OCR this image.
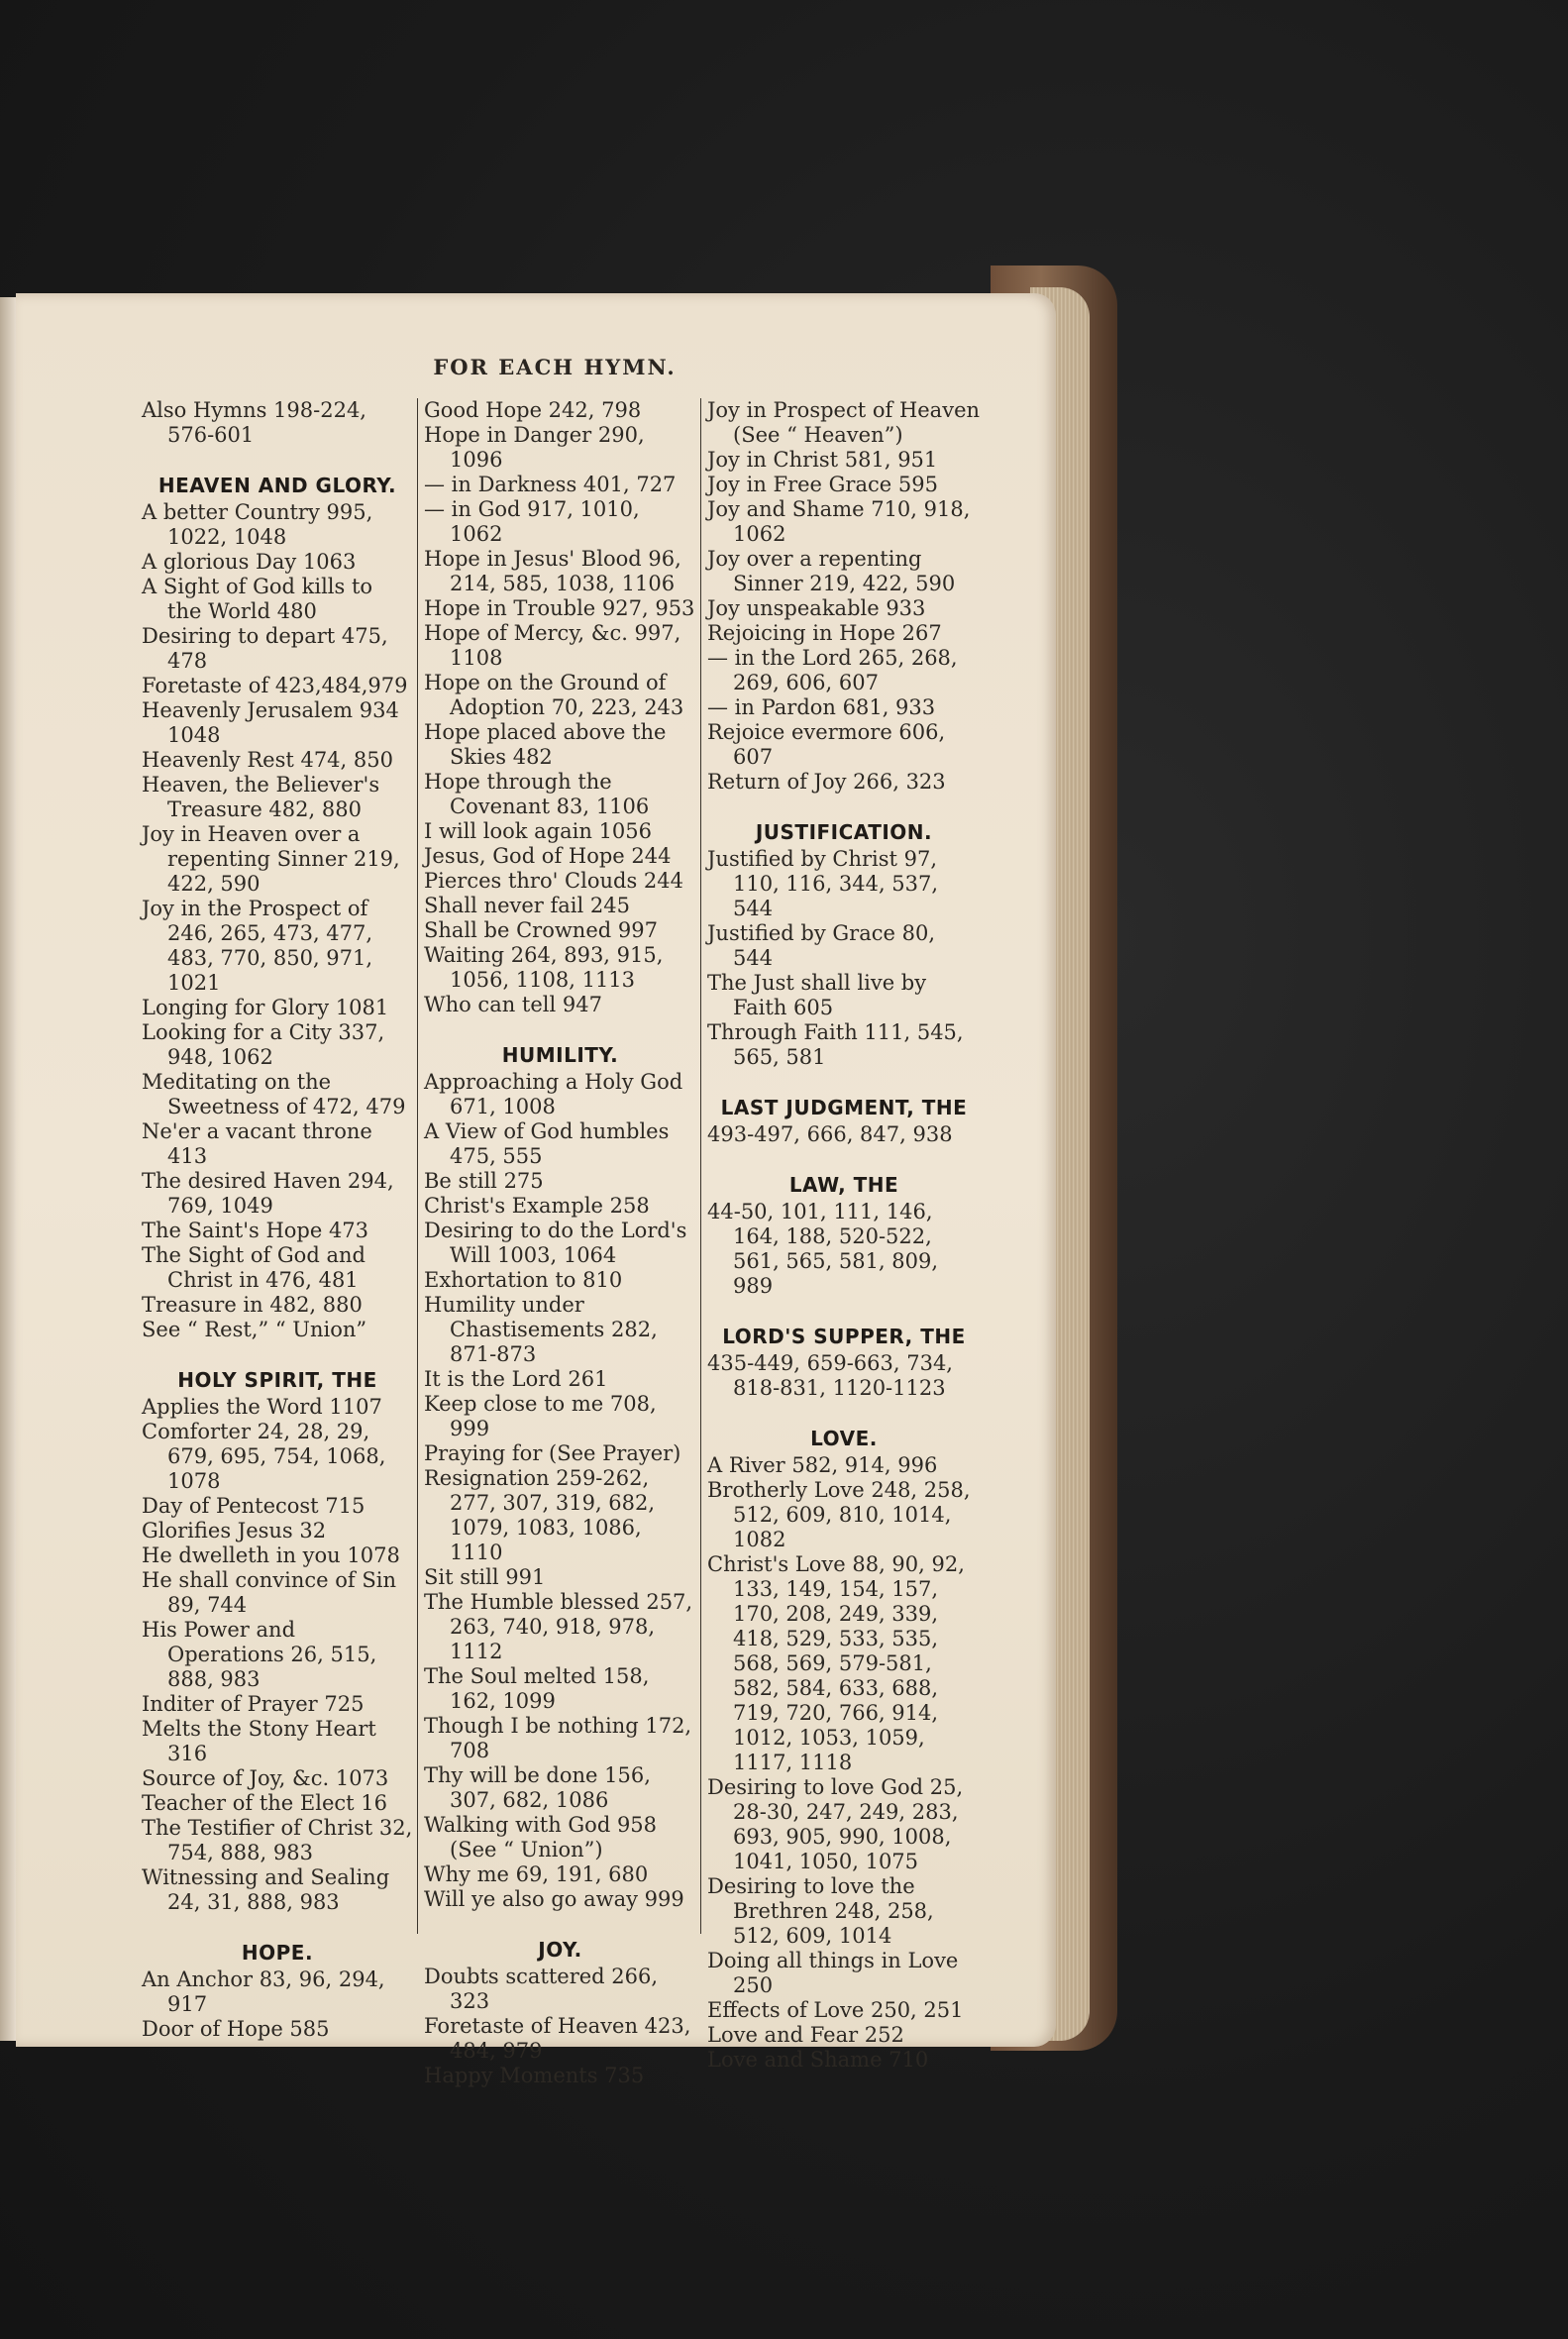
FOR EACH HYMN.
Also Hymns 198-224, 576-601
HEAVEN AND GLORY.
A better Country 995, 1022, 1048
A glorious Day 1063
A Sight of God kills to the World 480
Desiring to depart 475, 478
Foretaste of 423,484,979
Heavenly Jerusalem 934 1048
Heavenly Rest 474, 850
Heaven, the Believer's Treasure 482, 880
Joy in Heaven over a repenting Sinner 219, 422, 590
Joy in the Prospect of 246, 265, 473, 477, 483, 770, 850, 971, 1021
Longing for Glory 1081
Looking for a City 337, 948, 1062
Meditating on the Sweetness of 472, 479
Ne'er a vacant throne 413
The desired Haven 294, 769, 1049
The Saint's Hope 473
The Sight of God and Christ in 476, 481
Treasure in 482, 880
See “ Rest,” “ Union”
HOLY SPIRIT, THE
Applies the Word 1107
Comforter 24, 28, 29, 679, 695, 754, 1068, 1078
Day of Pentecost 715
Glorifies Jesus 32
He dwelleth in you 1078
He shall convince of Sin 89, 744
His Power and Operations 26, 515, 888, 983
Inditer of Prayer 725
Melts the Stony Heart 316
Source of Joy, &c. 1073
Teacher of the Elect 16
The Testifier of Christ 32, 754, 888, 983
Witnessing and Sealing 24, 31, 888, 983
HOPE.
An Anchor 83, 96, 294, 917
Door of Hope 585
Good Hope 242, 798
Hope in Danger 290, 1096
— in Darkness 401, 727
— in God 917, 1010, 1062
Hope in Jesus' Blood 96, 214, 585, 1038, 1106
Hope in Trouble 927, 953
Hope of Mercy, &c. 997, 1108
Hope on the Ground of Adoption 70, 223, 243
Hope placed above the Skies 482
Hope through the Covenant 83, 1106
I will look again 1056
Jesus, God of Hope 244
Pierces thro' Clouds 244
Shall never fail 245
Shall be Crowned 997
Waiting 264, 893, 915, 1056, 1108, 1113
Who can tell 947
HUMILITY.
Approaching a Holy God 671, 1008
A View of God humbles 475, 555
Be still 275
Christ's Example 258
Desiring to do the Lord's Will 1003, 1064
Exhortation to 810
Humility under Chastisements 282, 871-873
It is the Lord 261
Keep close to me 708, 999
Praying for (See Prayer)
Resignation 259-262, 277, 307, 319, 682, 1079, 1083, 1086, 1110
Sit still 991
The Humble blessed 257, 263, 740, 918, 978, 1112
The Soul melted 158, 162, 1099
Though I be nothing 172, 708
Thy will be done 156, 307, 682, 1086
Walking with God 958 (See “ Union”)
Why me 69, 191, 680
Will ye also go away 999
JOY.
Doubts scattered 266, 323
Foretaste of Heaven 423, 484, 979
Happy Moments 735
Joy in Prospect of Heaven (See “ Heaven”)
Joy in Christ 581, 951
Joy in Free Grace 595
Joy and Shame 710, 918, 1062
Joy over a repenting Sinner 219, 422, 590
Joy unspeakable 933
Rejoicing in Hope 267
— in the Lord 265, 268, 269, 606, 607
— in Pardon 681, 933
Rejoice evermore 606, 607
Return of Joy 266, 323
JUSTIFICATION.
Justified by Christ 97, 110, 116, 344, 537, 544
Justified by Grace 80, 544
The Just shall live by Faith 605
Through Faith 111, 545, 565, 581
LAST JUDGMENT, THE
493-497, 666, 847, 938
LAW, THE
44-50, 101, 111, 146, 164, 188, 520-522, 561, 565, 581, 809, 989
LORD'S SUPPER, THE
435-449, 659-663, 734, 818-831, 1120-1123
LOVE.
A River 582, 914, 996
Brotherly Love 248, 258, 512, 609, 810, 1014, 1082
Christ's Love 88, 90, 92, 133, 149, 154, 157, 170, 208, 249, 339, 418, 529, 533, 535, 568, 569, 579-581, 582, 584, 633, 688, 719, 720, 766, 914, 1012, 1053, 1059, 1117, 1118
Desiring to love God 25, 28-30, 247, 249, 283, 693, 905, 990, 1008, 1041, 1050, 1075
Desiring to love the Brethren 248, 258, 512, 609, 1014
Doing all things in Love 250
Effects of Love 250, 251
Love and Fear 252
Love and Shame 710
